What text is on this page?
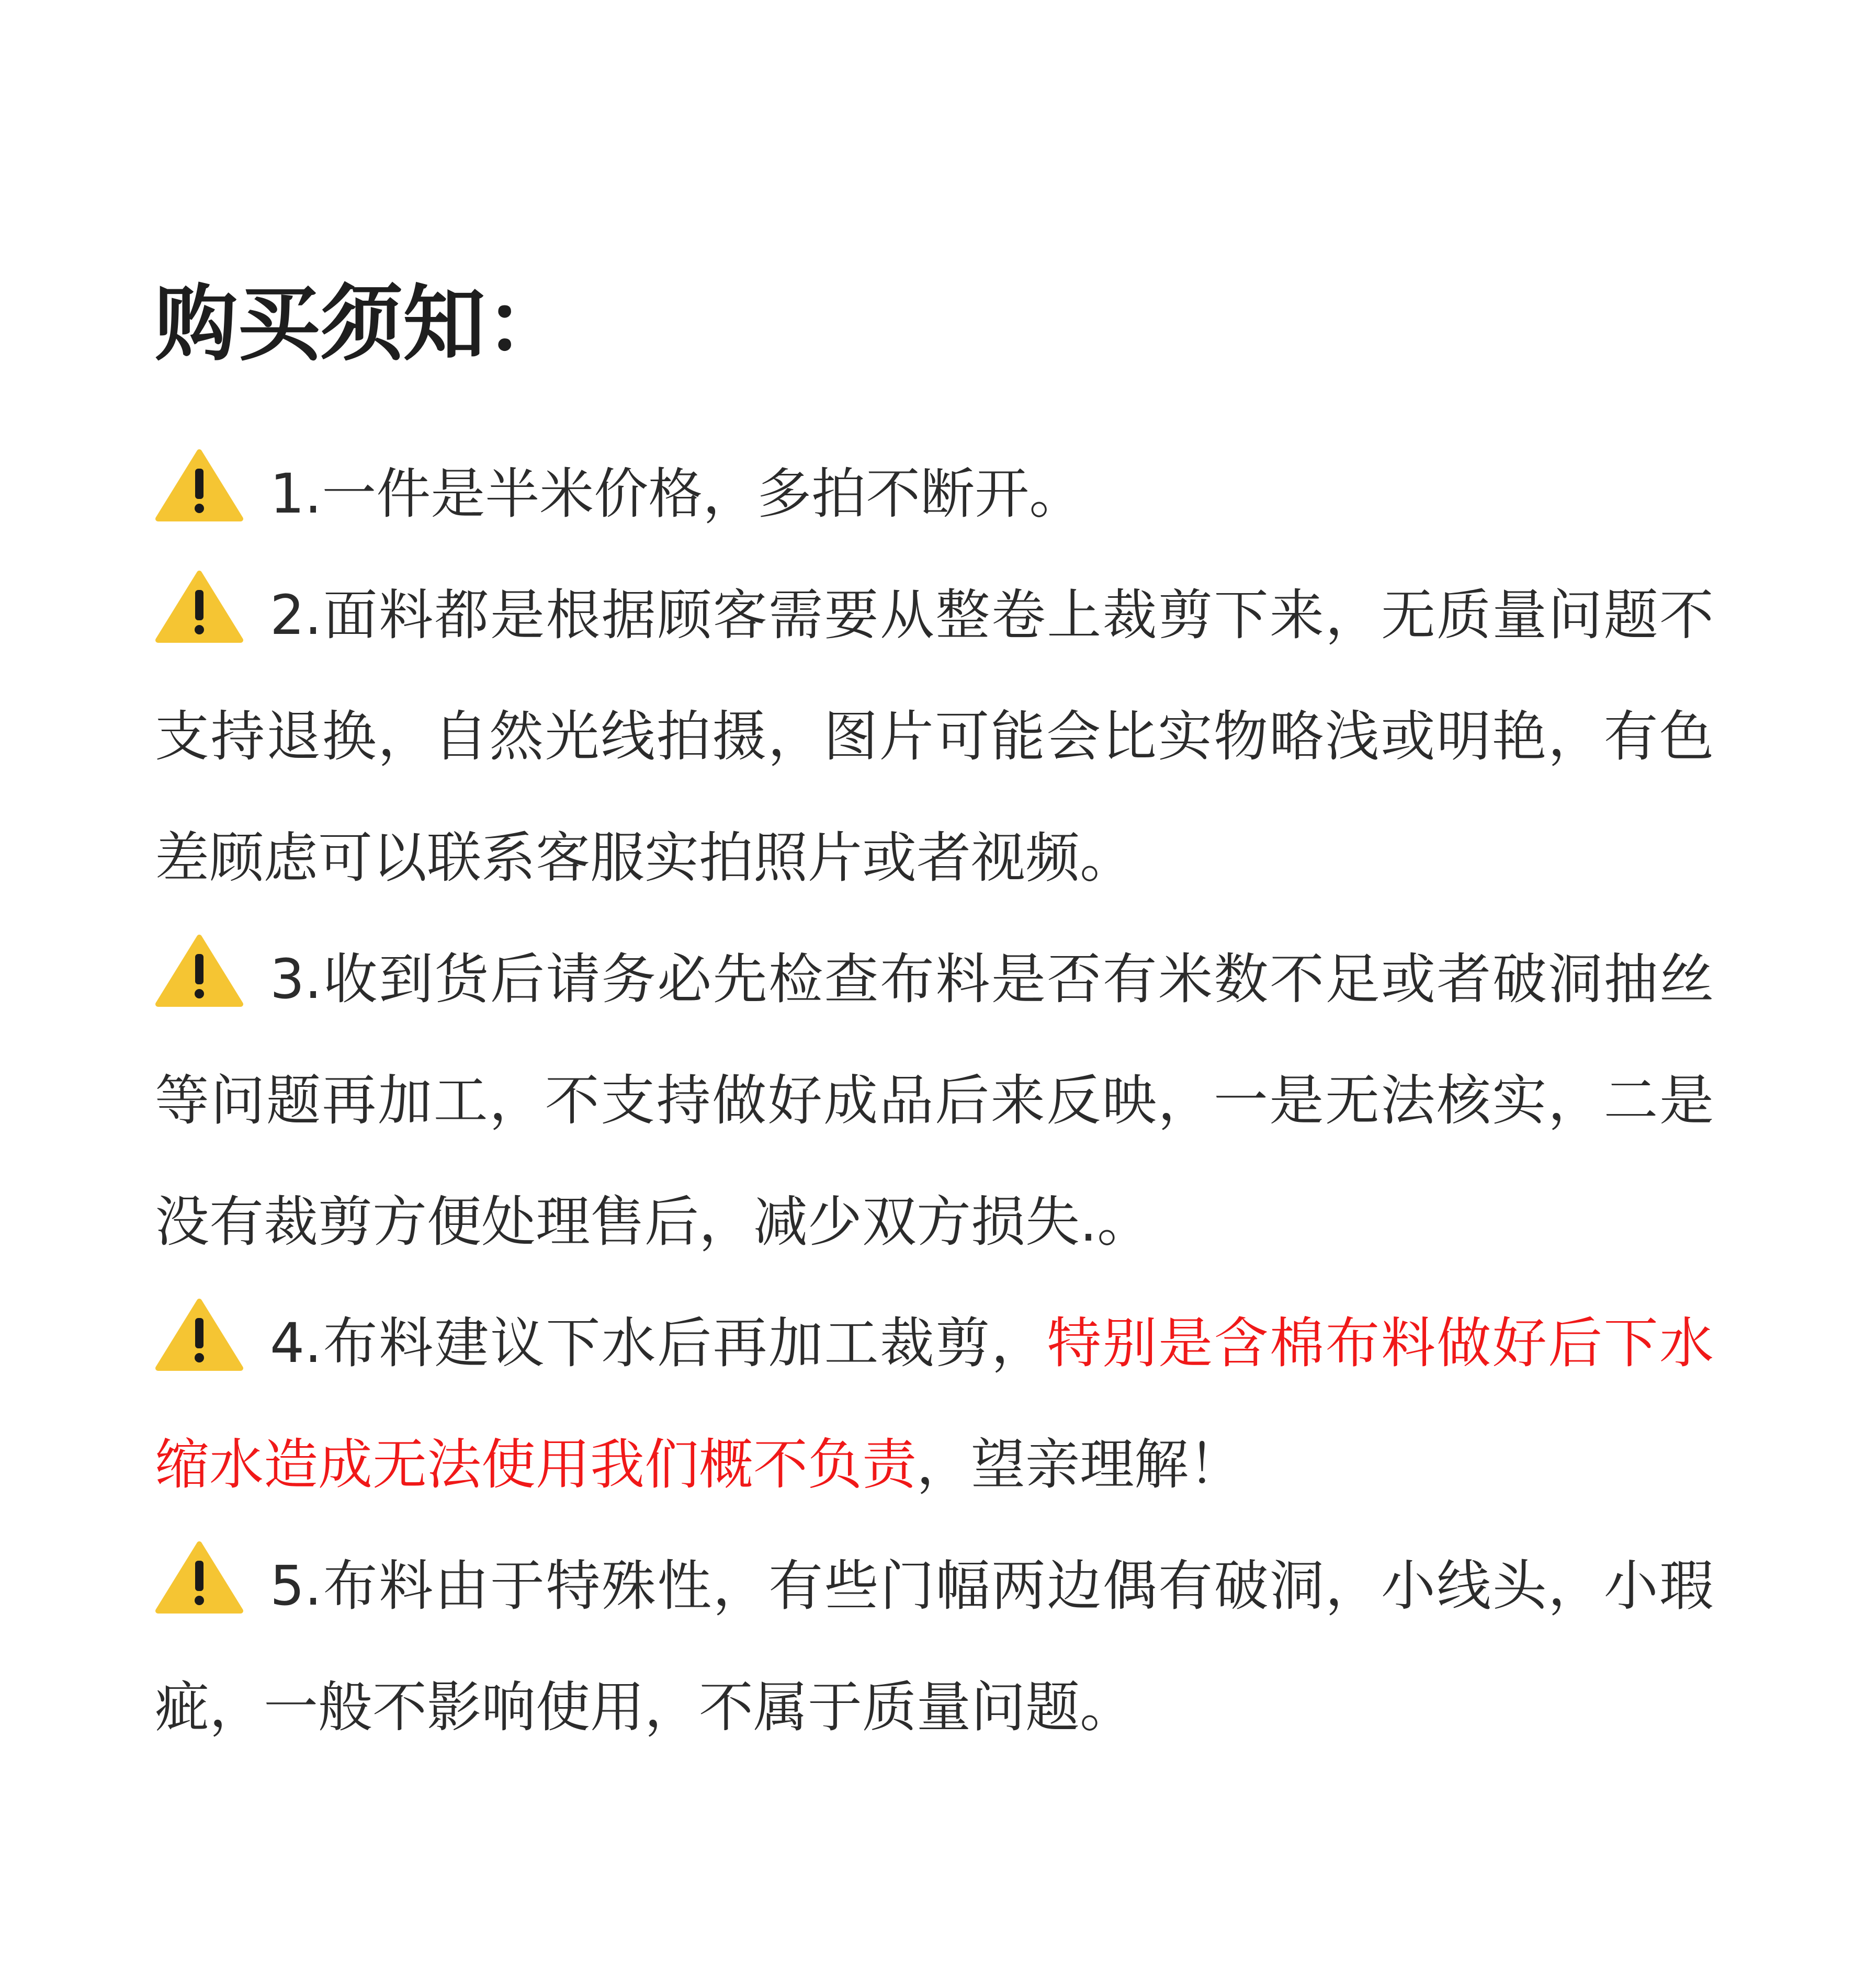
购买须知：

1.一件是半米价格，多拍不断开。

2.面料都是根据顾客需要从整卷上裁剪下来，无质量问题不支持退换，自然光线拍摄，图片可能会比实物略浅或明艳，有色差顾虑可以联系客服实拍照片或者视频。

3.收到货后请务必先检查布料是否有米数不足或者破洞抽丝等问题再加工，不支持做好成品后来反映，一是无法核实，二是没有裁剪方便处理售后，减少双方损失.。

4.布料建议下水后再加工裁剪，特别是含棉布料做好后下水缩水造成无法使用我们概不负责，望亲理解！

5.布料由于特殊性，有些门幅两边偶有破洞，小线头，小瑕疵，一般不影响使用，不属于质量问题。
